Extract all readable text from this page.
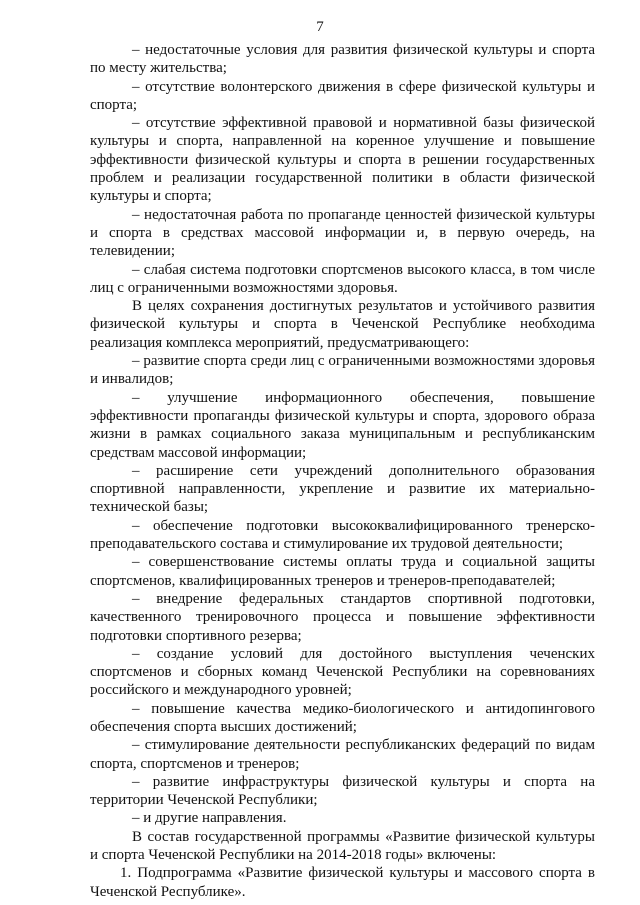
7

– недостаточные условия для развития физической культуры и спорта по месту жительства;

– отсутствие волонтерского движения в сфере физической культуры и спорта;

– отсутствие эффективной правовой и нормативной базы физической культуры и спорта, направленной на коренное улучшение и повышение эффективности физической культуры и спорта в решении государственных проблем и реализации государственной политики в области физической культуры и спорта;

– недостаточная работа по пропаганде ценностей физической культуры и спорта в средствах массовой информации и, в первую очередь, на телевидении;

– слабая система подготовки спортсменов высокого класса, в том числе лиц с ограниченными возможностями здоровья.

В целях сохранения достигнутых результатов и устойчивого развития физической культуры и спорта в Чеченской Республике необходима реализация комплекса мероприятий, предусматривающего:

– развитие спорта среди лиц с ограниченными возможностями здоровья и инвалидов;

– улучшение информационного обеспечения, повышение эффективности пропаганды физической культуры и спорта, здорового образа жизни в рамках социального заказа муниципальным и республиканским средствам массовой информации;

– расширение сети учреждений дополнительного образования спортивной направленности, укрепление и развитие их материально-технической базы;

– обеспечение подготовки высококвалифицированного тренерско-преподавательского состава и стимулирование их трудовой деятельности;

– совершенствование системы оплаты труда и социальной защиты спортсменов, квалифицированных тренеров и тренеров-преподавателей;

– внедрение федеральных стандартов спортивной подготовки, качественного тренировочного процесса и повышение эффективности подготовки спортивного резерва;

– создание условий для достойного выступления чеченских спортсменов и сборных команд Чеченской Республики на соревнованиях российского и международного уровней;

– повышение качества медико-биологического и антидопингового обеспечения спорта высших достижений;

– стимулирование деятельности республиканских федераций по видам спорта, спортсменов и тренеров;

– развитие инфраструктуры физической культуры и спорта на территории Чеченской Республики;

– и другие направления.

В состав государственной программы «Развитие физической культуры и спорта Чеченской Республики на 2014-2018 годы» включены:

1. Подпрограмма «Развитие физической культуры и массового спорта в Чеченской Республике».
